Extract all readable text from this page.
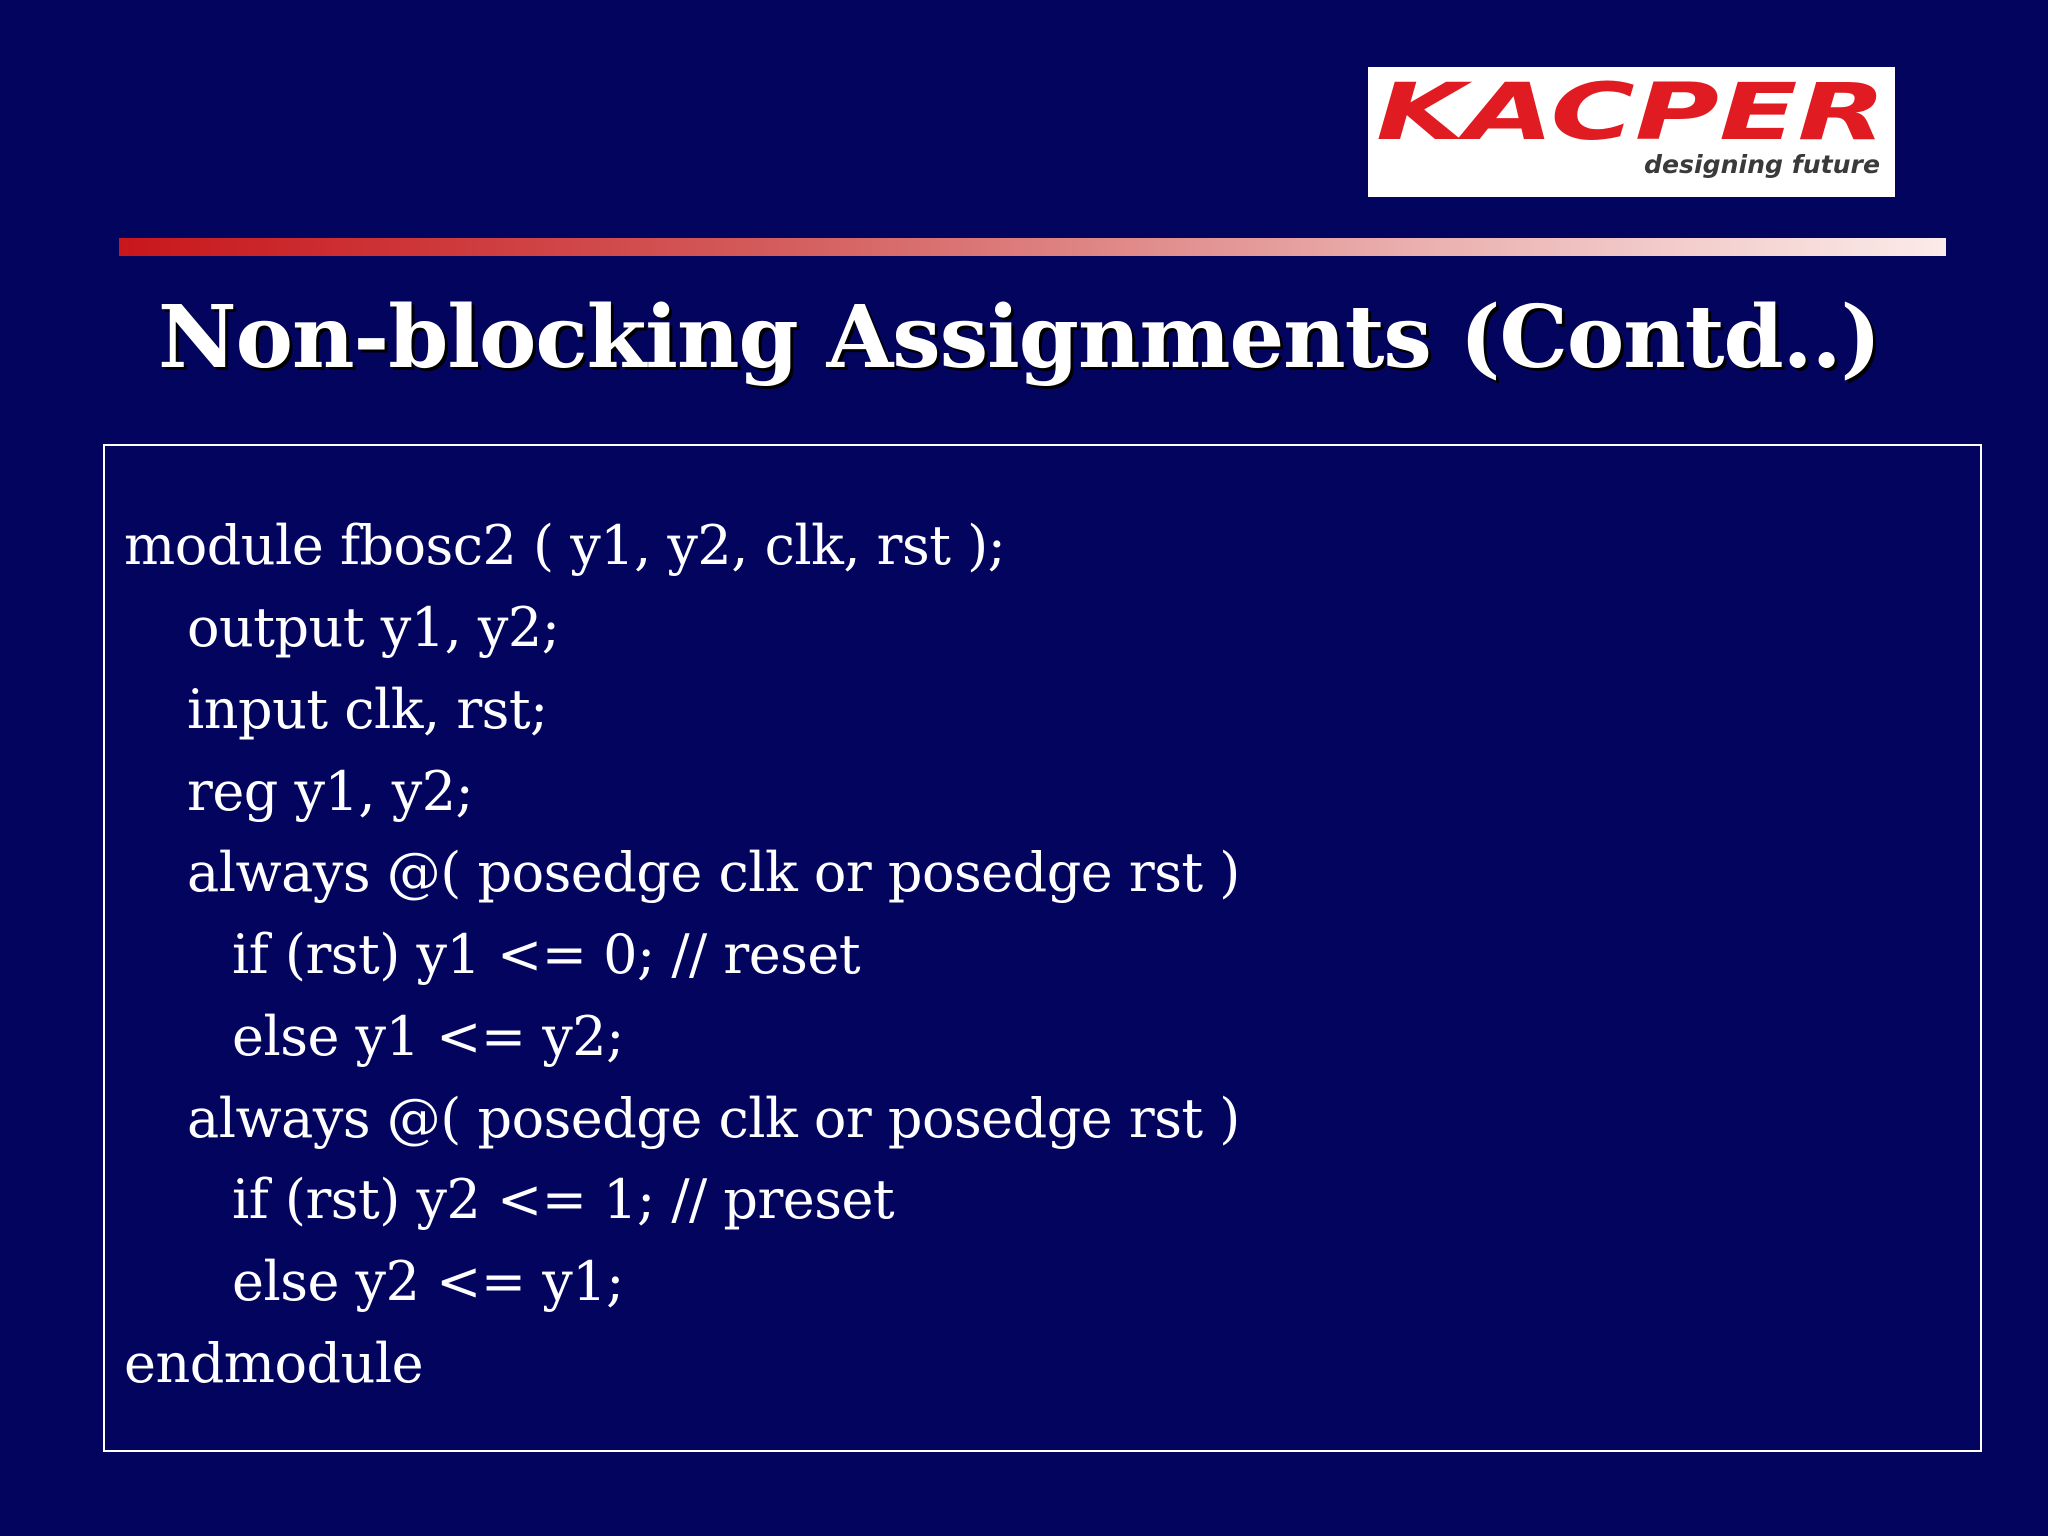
KACPER
designing future
Non-blocking Assignments (Contd..)
module fbosc2 ( y1, y2, clk, rst );
output y1, y2;
input clk, rst;
reg y1, y2;
always @( posedge clk or posedge rst )
if (rst) y1 <= 0; // reset
else y1 <= y2;
always @( posedge clk or posedge rst )
if (rst) y2 <= 1; // preset
else y2 <= y1;
endmodule
